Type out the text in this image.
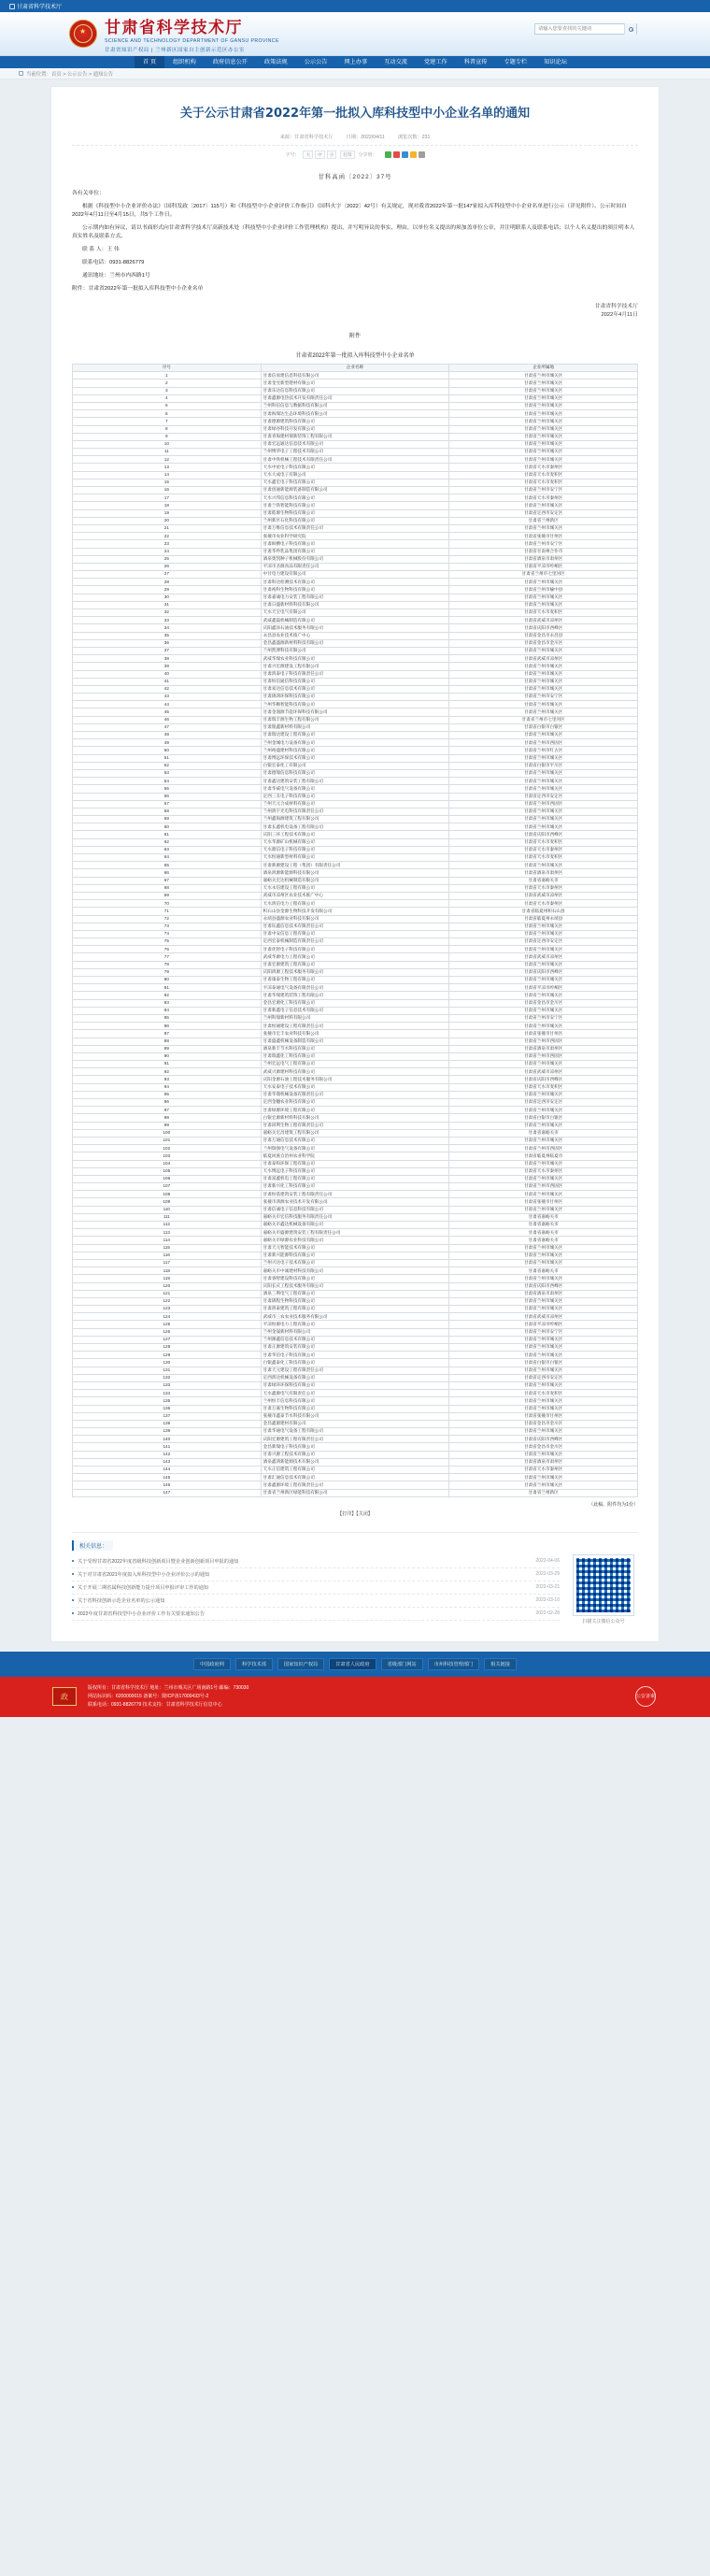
甘肃省科学技术厅
★ 甘肃省科学技术厅
SCIENCE AND TECHNOLOGY DEPARTMENT OF GANSU PROVINCE
甘肃省知识产权局 | 兰州新区国家自主创新示范区办公室
请输入您要查找的关键词
首 页	组织机构	政府信息公开	政策法规	公示公告	网上办事	互动交流	党建工作	科普宣传	专题专栏	知识论坛
当前位置：首页 > 公示公告 > 通知公告
关于公示甘肃省2022年第一批拟入库科技型中小企业名单的通知
来源：甘肃省科学技术厅	日期：2022/04/11	浏览次数：231
字号：	大	中	小	打印	分享到：
甘科高函〔2022〕37号

各有关单位：

根据《科技型中小企业评价办法》（国科发政〔2017〕115号）和《科技型中小企业评价工作指引》（国科火字〔2022〕42号）有关规定，现对我省2022年第一批147家拟入库科技型中小企业名单进行公示（详见附件）。公示时间自2022年4月11日至4月15日，共5个工作日。

公示期内如有异议，请以书面形式向甘肃省科学技术厅高新技术处（科技型中小企业评价工作管理机构）提出，并写明异议的事实、理由，以单位名义提出的须加盖单位公章，并注明联系人及联系电话；以个人名义提出的须注明本人真实姓名及联系方式。

联 系 人：王 伟

联系电话：0931-8826779

通讯地址：兰州市内西路1号

附件：甘肃省2022年第一批拟入库科技型中小企业名单

甘肃省科学技术厅
2022年4月11日
附件
甘肃省2022年第一批拟入库科技型中小企业名单
序号	企业名称	企业所属地
1	甘肃信易建信息科技有限公司	甘肃省兰州市城关区
2	甘肃金昱新型建材有限公司	甘肃省兰州市城关区
3	甘肃乐达信息科技有限公司	甘肃省兰州市城关区
4	甘肃鑫源电热技术开发有限责任公司	甘肃省兰州市城关区
5	兰州科信信息与数据科技有限公司	甘肃省兰州市城关区
6	甘肃海瑞达生态环境科技有限公司	甘肃省兰州市城关区
7	甘肃德源建筑科技有限公司	甘肃省兰州市城关区
8	甘肃绿谷科技开发有限公司	甘肃省兰州市城关区
9	甘肃青海建材瑞新装饰工程有限公司	甘肃省兰州市城关区
10	甘肃宏远通达信息技术有限公司	甘肃省兰州市城关区
11	兰州博华电子工程技术有限公司	甘肃省兰州市城关区
12	甘肃中铁机械工程技术有限责任公司	甘肃省兰州市城关区
13	天水中星电子科技有限公司	甘肃省天水市秦州区
14	天水大成电子有限公司	甘肃省天水市麦积区
15	天水鑫宏电子科技有限公司	甘肃省天水市麦积区
16	甘肃创通新能源装备制造有限公司	甘肃省兰州市安宁区
17	天水兴邦信息科技有限公司	甘肃省天水市秦州区
18	甘肃兰铁智能科技有限公司	甘肃省兰州市城关区
19	甘肃皓源生物科技有限公司	甘肃省定西市安定区
20	兰州新区石化科技有限公司	甘肃省兰州新区
21	甘肃万维信息技术有限责任公司	甘肃省兰州市城关区
22	张掖市农业科学研究院	甘肃省张掖市甘州区
23	甘肃纵横电子科技有限公司	甘肃省兰州市安宁区
24	甘肃华羚乳品集团有限公司	甘肃省甘南州合作市
25	酒泉奥凯种子机械股份有限公司	甘肃省酒泉市肃州区
26	平凉市圣源食品有限责任公司	甘肃省平凉市崆峒区
27	中甘电力建设有限公司	甘肃省兰州市七里河区
28	甘肃科达检测技术有限公司	甘肃省兰州市城关区
29	甘肃裕科生物科技有限公司	甘肃省兰州市榆中县
30	甘肃嘉诚电力安装工程有限公司	甘肃省兰州市城关区
31	甘肃日盛新材料科技有限公司	甘肃省兰州市城关区
32	天水天宝电气有限公司	甘肃省天水市麦积区
33	武威鑫磊机械制造有限公司	甘肃省武威市凉州区
34	庆阳鑫泽石油技术服务有限公司	甘肃省庆阳市西峰区
35	永昌县农业技术推广中心	甘肃省金昌市永昌县
36	金昌鑫盛源新材料科技有限公司	甘肃省金昌市金川区
37	兰州凯博科技有限公司	甘肃省兰州市城关区
38	武威华瑞农业科技有限公司	甘肃省武威市凉州区
39	甘肃兴宏源建设工程有限公司	甘肃省兰州市城关区
40	甘肃鸿泰电子科技有限责任公司	甘肃省兰州市城关区
41	甘肃恒信通信科技有限公司	甘肃省兰州市城关区
42	甘肃易达信息技术有限公司	甘肃省兰州市城关区
43	甘肃锦鸿环保科技有限公司	甘肃省兰州市安宁区
44	兰州华顺智能科技有限公司	甘肃省兰州市城关区
45	甘肃金润源节能环保科技有限公司	甘肃省兰州市城关区
46	甘肃瑞丰源生物工程有限公司	甘肃省兰州市七里河区
47	甘肃银鑫新材料有限公司	甘肃省白银市白银区
48	甘肃瑞达建设工程有限公司	甘肃省兰州市城关区
49	兰州金城电力设备有限公司	甘肃省兰州市西固区
50	兰州裕盛建材科技有限公司	甘肃省兰州市红古区
51	甘肃博远环保技术有限公司	甘肃省兰州市城关区
52	白银宏泰化工有限公司	甘肃省白银市平川区
53	甘肃德瑞信息科技有限公司	甘肃省兰州市城关区
54	甘肃鑫达建筑安装工程有限公司	甘肃省兰州市城关区
55	甘肃华威电气设备有限公司	甘肃省兰州市城关区
56	定西三友电子科技有限公司	甘肃省定西市安定区
57	兰州天元合成材料有限公司	甘肃省兰州市西固区
58	兰州鸿宇光电科技有限责任公司	甘肃省兰州市城关区
59	兰州鑫海源建筑工程有限公司	甘肃省兰州市城关区
60	甘肃长鑫机电设备工程有限公司	甘肃省兰州市城关区
61	庆阳三环工程技术有限公司	甘肃省庆阳市西峰区
62	天水华源矿山机械有限公司	甘肃省天水市麦积区
63	天水鼎信电子科技有限公司	甘肃省天水市秦州区
64	天水恒通新型材料有限公司	甘肃省天水市麦积区
65	甘肃新源建设工程（集团）有限责任公司	甘肃省兰州市城关区
66	酒泉鸿源新能源科技有限公司	甘肃省酒泉市肃州区
67	嘉峪关宏达机械制造有限公司	甘肃省嘉峪关市
68	天水永信建设工程有限公司	甘肃省天水市秦州区
69	武威市凉州区农业技术推广中心	甘肃省武威市凉州区
70	天水鸿信电力工程有限公司	甘肃省天水市秦州区
71	积石山县金源生物科技开发有限公司	甘肃省临夏州积石山县
72	永靖县盛源农业科技有限公司	甘肃省临夏州永靖县
73	甘肃钰鑫信息技术有限责任公司	甘肃省兰州市城关区
74	甘肃中安信息工程有限公司	甘肃省兰州市城关区
75	定西宏泰机械制造有限责任公司	甘肃省定西市安定区
76	甘肃优智电子科技有限公司	甘肃省兰州市城关区
77	武威华源电力工程有限公司	甘肃省武威市凉州区
78	甘肃宏源建筑工程有限公司	甘肃省兰州市城关区
79	庆阳鸿源工程技术服务有限公司	甘肃省庆阳市西峰区
80	甘肃康泰生物工程有限公司	甘肃省兰州市城关区
81	平凉泰通电气设备有限责任公司	甘肃省平凉市崆峒区
82	甘肃华瑞建筑装饰工程有限公司	甘肃省兰州市城关区
83	金昌宏源化工科技有限公司	甘肃省金昌市金川区
84	甘肃新鑫电子信息技术有限公司	甘肃省兰州市城关区
85	兰州科瑞新材料有限公司	甘肃省兰州市安宁区
86	甘肃恒通建设工程有限责任公司	甘肃省兰州市城关区
87	张掖市宏丰农业科技有限公司	甘肃省张掖市甘州区
88	甘肃盛鑫机械设备制造有限公司	甘肃省兰州市西固区
89	酒泉新丰节水科技有限公司	甘肃省酒泉市肃州区
90	甘肃瑞鑫化工科技有限公司	甘肃省兰州市西固区
91	兰州宏远电气工程有限公司	甘肃省兰州市城关区
92	武威兴源建材科技有限公司	甘肃省武威市凉州区
93	庆阳金源石油工程技术服务有限公司	甘肃省庆阳市西峰区
94	天水安泰电子技术有限公司	甘肃省天水市麦积区
95	甘肃华鼎机械设备有限责任公司	甘肃省兰州市城关区
96	定西金穗农业科技有限公司	甘肃省定西市安定区
97	甘肃绿源环境工程有限公司	甘肃省兰州市城关区
98	白银宏源新材料科技有限公司	甘肃省白银市白银区
99	甘肃同利生物工程有限责任公司	甘肃省兰州市城关区
100	嘉峪关宏昌建筑工程有限公司	甘肃省嘉峪关市
101	甘肃万通信息技术有限公司	甘肃省兰州市城关区
102	兰州瑞强电气设备有限公司	甘肃省兰州市西固区
103	临夏回族自治州农业科学院	甘肃省临夏州临夏市
104	甘肃泰和环保工程有限公司	甘肃省兰州市城关区
105	天水博远电子科技有限公司	甘肃省天水市秦州区
106	甘肃富鑫机电工程有限公司	甘肃省兰州市城关区
107	甘肃新兴化工科技有限公司	甘肃省兰州市西固区
108	甘肃恒基建筑安装工程有限责任公司	甘肃省兰州市城关区
109	张掖市鸿源农业技术开发有限公司	甘肃省张掖市甘州区
110	甘肃信诚电子信息科技有限公司	甘肃省兰州市城关区
111	嘉峪关市宏信科技服务有限责任公司	甘肃省嘉峪关市
112	嘉峪关市鑫达机械设备有限公司	甘肃省嘉峪关市
113	嘉峪关市盛源建筑安装工程有限责任公司	甘肃省嘉峪关市
114	嘉峪关市绿源农业科技有限公司	甘肃省嘉峪关市
115	甘肃天元智能技术有限公司	甘肃省兰州市城关区
116	甘肃新兴能源科技有限公司	甘肃省兰州市城关区
117	兰州兴达电子技术有限公司	甘肃省兰州市城关区
118	嘉峪关市中诚建材科技有限公司	甘肃省嘉峪关市
119	甘肃睿智建设科技有限公司	甘肃省兰州市城关区
120	庆阳长庆工程技术服务有限公司	甘肃省庆阳市西峰区
121	酒泉三利电气工程有限公司	甘肃省酒泉市肃州区
122	甘肃锦程生物科技有限公司	甘肃省兰州市城关区
123	甘肃鸿泰建筑工程有限公司	甘肃省兰州市城关区
124	武威市三农农业技术服务有限公司	甘肃省武威市凉州区
125	平凉恒源电力工程有限公司	甘肃省平凉市崆峒区
126	兰州金晟新材料有限公司	甘肃省兰州市安宁区
127	兰州源鑫信息技术有限公司	甘肃省兰州市城关区
128	甘肃正源建筑安装有限公司	甘肃省兰州市城关区
129	甘肃华信电子科技有限公司	甘肃省兰州市城关区
130	白银鑫泰化工科技有限公司	甘肃省白银市白银区
131	甘肃天元建设工程有限责任公司	甘肃省兰州市城关区
132	定西鸿达机械设备有限公司	甘肃省定西市安定区
133	甘肃绿环环保科技有限公司	甘肃省兰州市城关区
134	天水鑫源电气有限责任公司	甘肃省天水市麦积区
135	兰州恒丰信息科技有限公司	甘肃省兰州市城关区
136	甘肃万嘉生物科技有限公司	甘肃省兰州市城关区
137	张掖市鑫泰节水科技有限公司	甘肃省张掖市甘州区
138	金昌鑫源建材有限公司	甘肃省金昌市金川区
139	甘肃华通电气设备工程有限公司	甘肃省兰州市城关区
140	庆阳宏源建筑工程有限责任公司	甘肃省庆阳市西峰区
141	金昌新瑞电子科技有限公司	甘肃省金昌市金川区
142	甘肃兴源工程技术有限公司	甘肃省兰州市城关区
143	酒泉鑫鸿新能源技术有限公司	甘肃省酒泉市肃州区
144	天水正信建筑工程有限公司	甘肃省天水市秦州区
145	甘肃汇通信息技术有限公司	甘肃省兰州市城关区
146	甘肃鑫源环境工程有限责任公司	甘肃省兰州市城关区
147	甘肃省兰州新区绿能科技有限公司	甘肃省兰州新区
（此稿、附件均为1份）
【打印】【关闭】
相关信息：
关于受理甘肃省2022年度省级科技创新项目暨企业创新创新项目申报的通知	2022-04-06
关于对甘肃省2021年度拟入库科技型中小企业评价公示的通知	2022-03-29
关于开展二期省属科技创新能力提升项目申报评审工作的通知	2022-03-21
关于省科技创新示范企业名单的公示通知	2022-03-10
2022年度甘肃省科技型中小企业评价工作有关要求通知公告	2022-02-28
扫描关注微信公众号
中国政府网	科学技术部	国家知识产权局	甘肃省人民政府	省级部门网站	市州科技管理部门	相关链接
政
版权所有：甘肃省科学技术厅 地址：兰州市城关区广场南路1号 邮编：730030
网站标识码：6200000015 备案号：陇ICP备17000433号-2
联系电话：0931-8826779 技术支持：甘肃省科学技术厅信息中心
公安备案
